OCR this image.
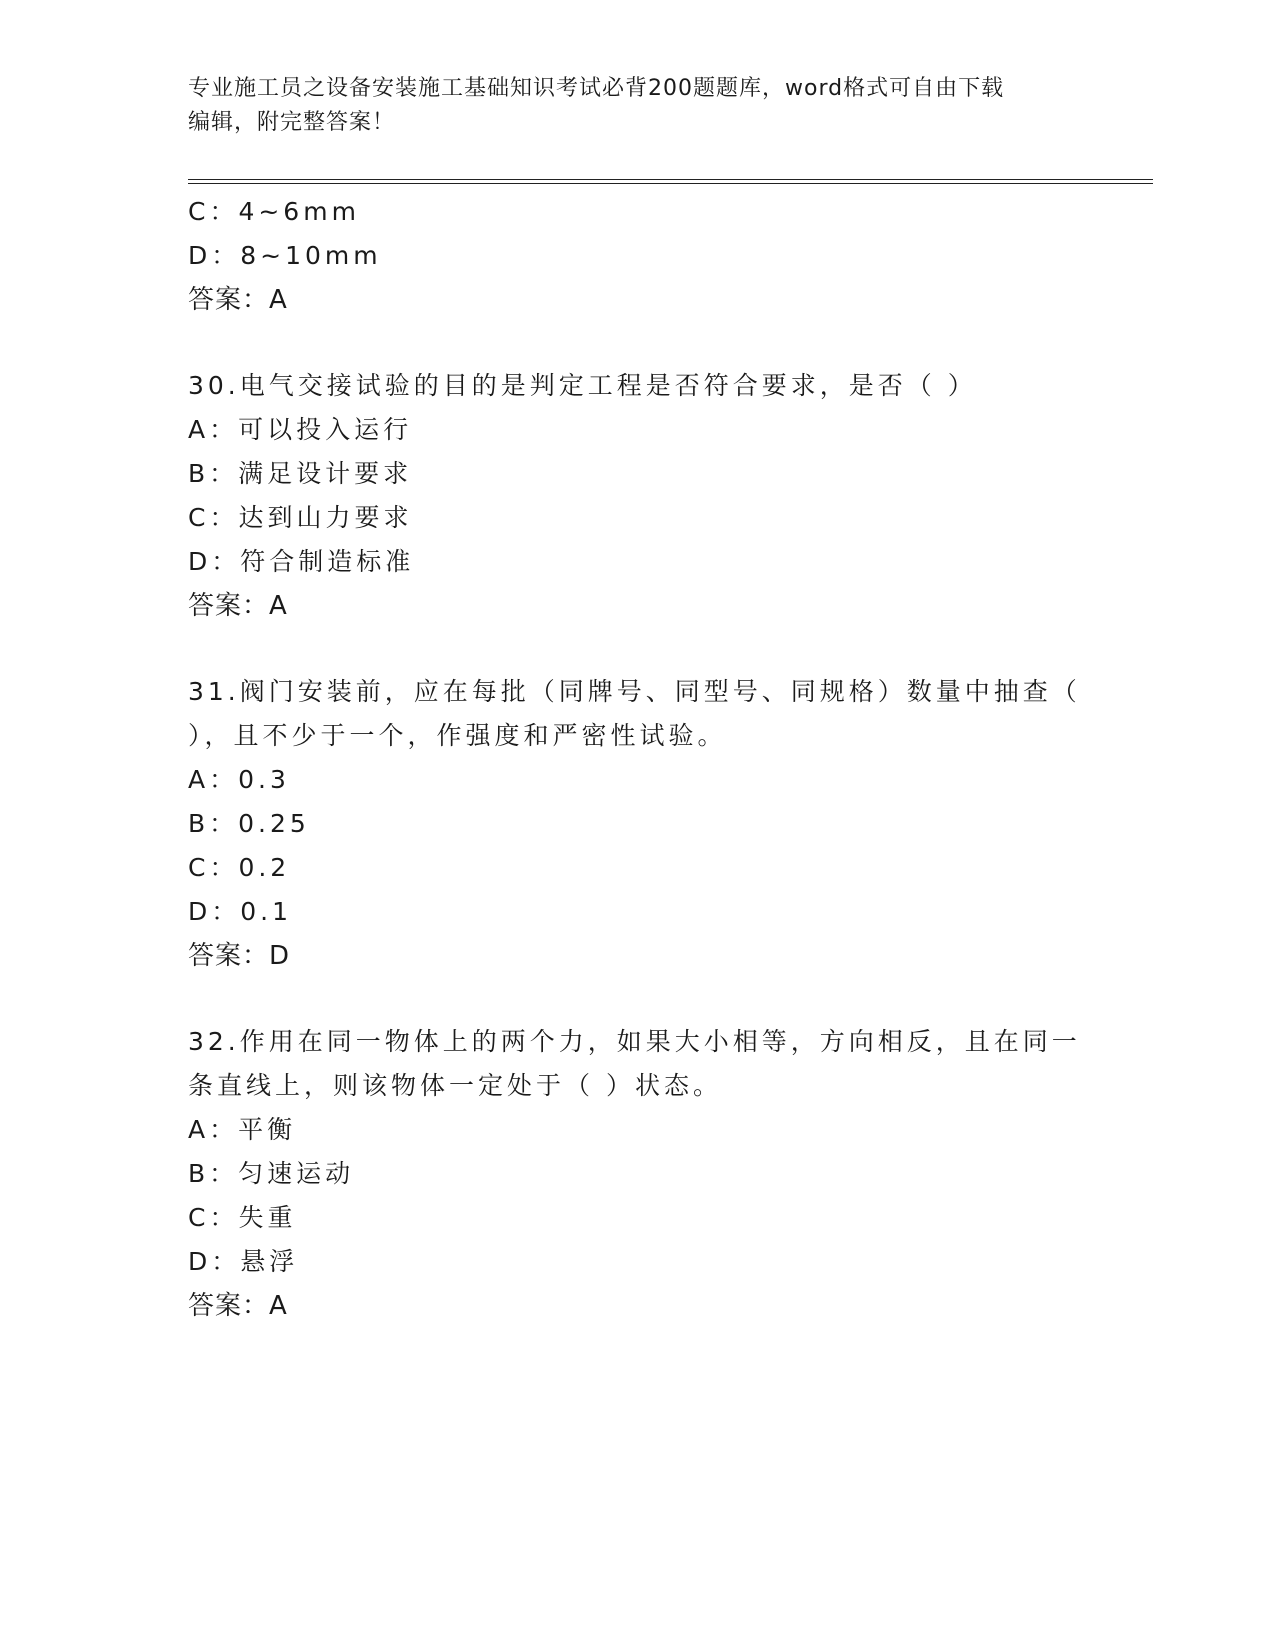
专业施工员之设备安装施工基础知识考试必背200题题库，word格式可自由下载
编辑，附完整答案！
C：4~6mm
D：8~10mm
答案：A
30.电气交接试验的目的是判定工程是否符合要求，是否（ ）
A：可以投入运行
B：满足设计要求
C：达到山力要求
D：符合制造标准
答案：A
31.阀门安装前，应在每批（同牌号、同型号、同规格）数量中抽查（
），且不少于一个，作强度和严密性试验。
A：0.3
B：0.25
C：0.2
D：0.1
答案：D
32.作用在同一物体上的两个力，如果大小相等，方向相反，且在同一
条直线上，则该物体一定处于（ ）状态。
A：平衡
B：匀速运动
C：失重
D：悬浮
答案：A
